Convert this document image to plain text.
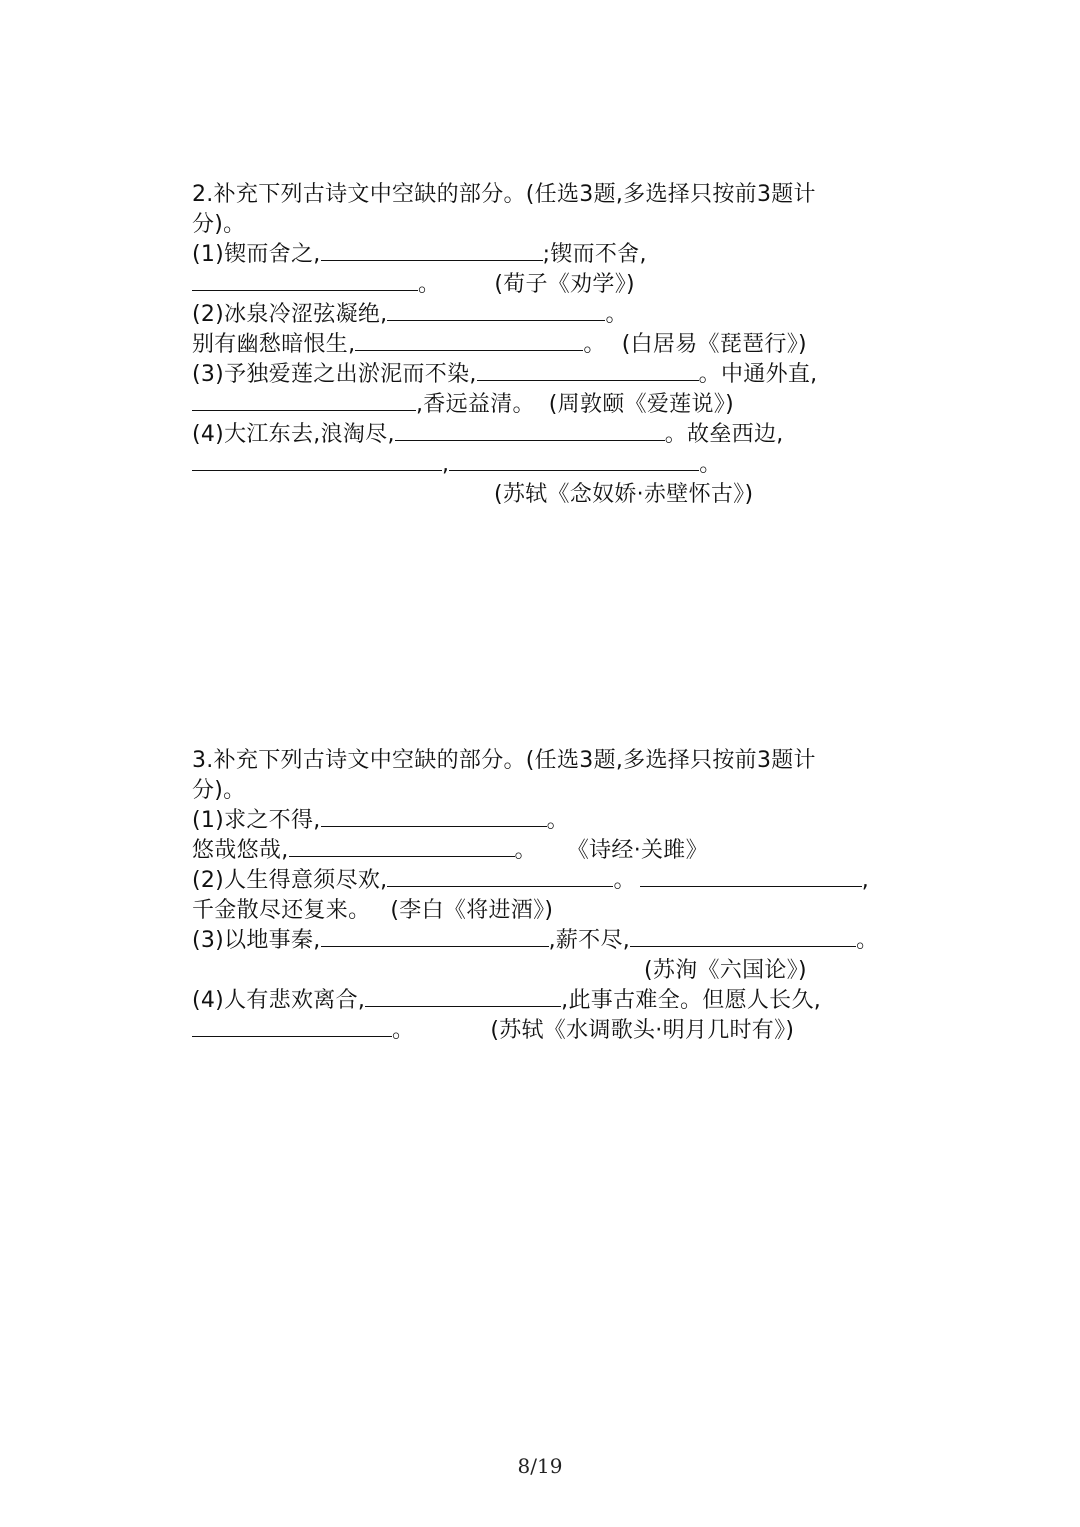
2.补充下列古诗文中空缺的部分。(任选3题,多选择只按前3题计
分)。
(1)锲而舍之,	;锲而不舍,
。 (荀子《劝学》)
(2)冰泉冷涩弦凝绝,	。
别有幽愁暗恨生,	。 (白居易《琵琶行》)
(3)予独爱莲之出淤泥而不染,	。中通外直,
,香远益清。 (周敦颐《爱莲说》)
(4)大江东去,浪淘尽,	。故垒西边,
,	。
(苏轼《念奴娇·赤壁怀古》)
3.补充下列古诗文中空缺的部分。(任选3题,多选择只按前3题计
分)。
(1)求之不得,	。
悠哉悠哉,	。 《诗经·关雎》
(2)人生得意须尽欢,	。	,
千金散尽还复来。 (李白《将进酒》)
(3)以地事秦,	,薪不尽,	。
(苏洵《六国论》)
(4)人有悲欢离合,	,此事古难全。但愿人长久,
。	(苏轼《水调歌头·明月几时有》)
8/19
